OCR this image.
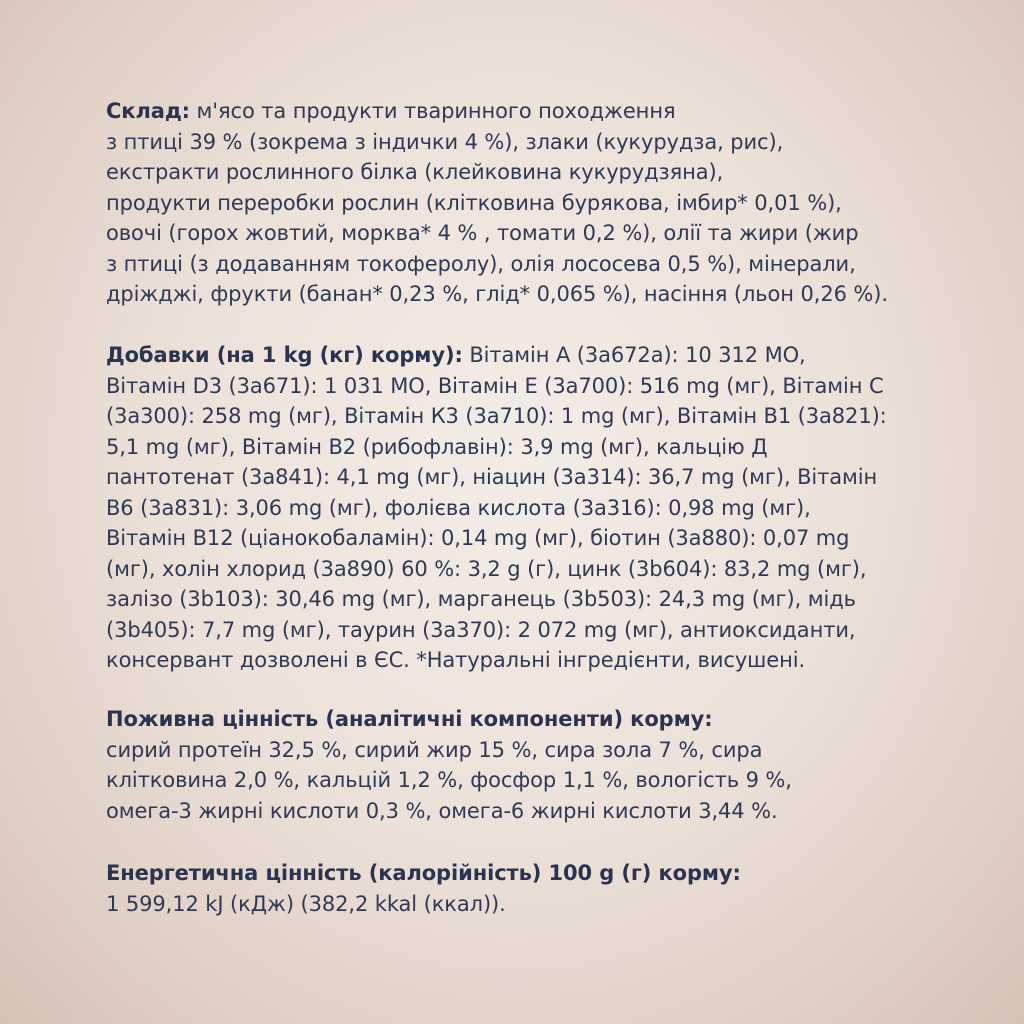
Склад: м'ясо та продукти тваринного походження
з птиці 39 % (зокрема з індички 4 %), злаки (кукурудза, рис),
екстракти рослинного білка (клейковина кукурудзяна),
продукти переробки рослин (клітковина бурякова, імбир* 0,01 %),
овочі (горох жовтий, морква* 4 % , томати 0,2 %), олії та жири (жир
з птиці (з додаванням токоферолу), олія лососева 0,5 %), мінерали,
дріжджі, фрукти (банан* 0,23 %, глід* 0,065 %), насіння (льон 0,26 %).

Добавки (на 1 kg (кг) корму): Вітамін А (3a672a): 10 312 МО,
Вітамін D3 (3a671): 1 031 МО, Вітамін Е (3a700): 516 mg (мг), Вітамін С
(3a300): 258 mg (мг), Вітамін К3 (3a710): 1 mg (мг), Вітамін В1 (3a821):
5,1 mg (мг), Вітамін В2 (рибофлавін): 3,9 mg (мг), кальцію Д
пантотенат (3a841): 4,1 mg (мг), ніацин (3a314): 36,7 mg (мг), Вітамін
В6 (3a831): 3,06 mg (мг), фолієва кислота (3a316): 0,98 mg (мг),
Вітамін В12 (ціанокобаламін): 0,14 mg (мг), біотин (3a880): 0,07 mg
(мг), холін хлорид (3a890) 60 %: 3,2 g (г), цинк (3b604): 83,2 mg (мг),
залізо (3b103): 30,46 mg (мг), марганець (3b503): 24,3 mg (мг), мідь
(3b405): 7,7 mg (мг), таурин (3a370): 2 072 mg (мг), антиоксиданти,
консервант дозволені в ЄС. *Натуральні інгредієнти, висушені.

Поживна цінність (аналітичні компоненти) корму:
сирий протеїн 32,5 %, сирий жир 15 %, сира зола 7 %, сира
клітковина 2,0 %, кальцій 1,2 %, фосфор 1,1 %, вологість 9 %,
омега-3 жирні кислоти 0,3 %, омега-6 жирні кислоти 3,44 %.

Енергетична цінність (калорійність) 100 g (г) корму:
1 599,12 kJ (кДж) (382,2 kkal (ккал)).
